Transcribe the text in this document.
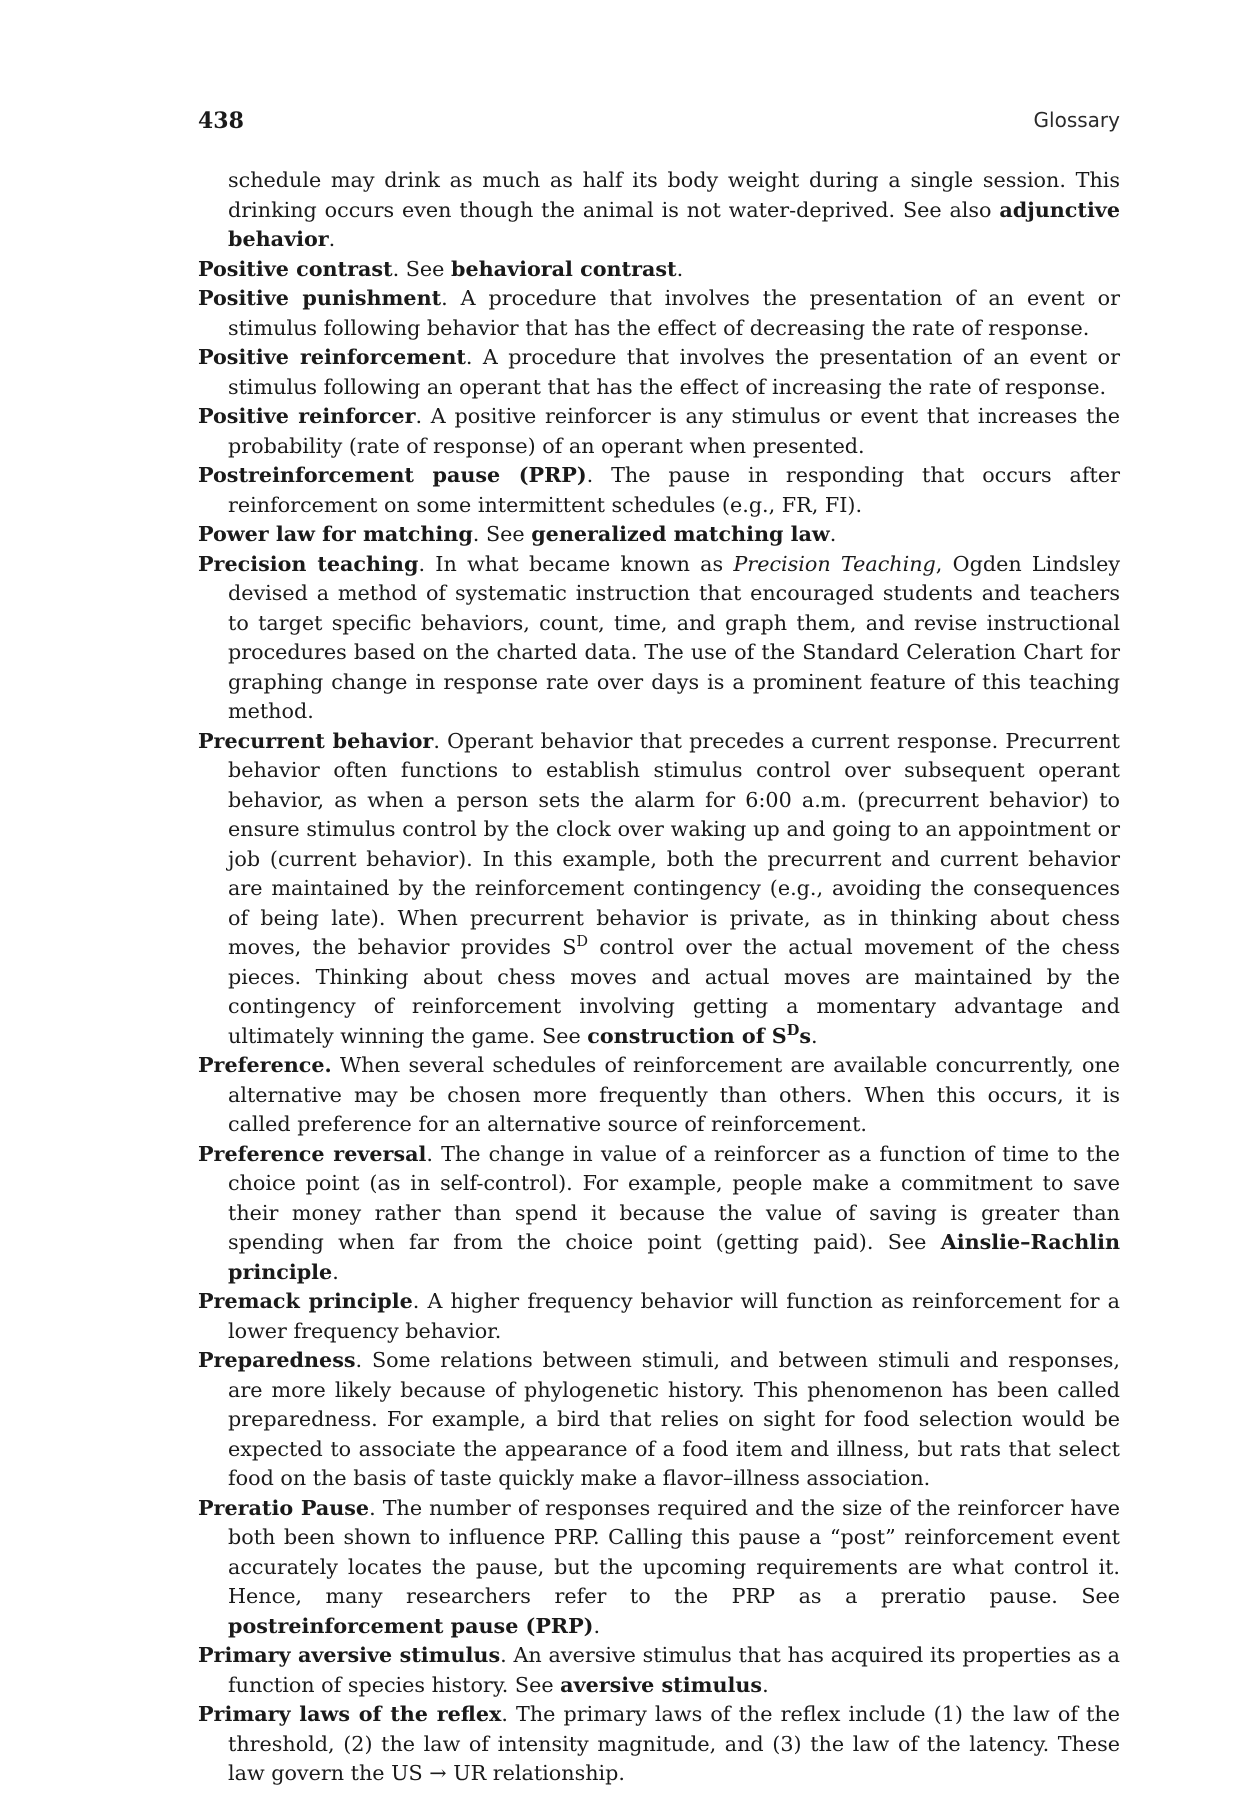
438	Glossary

schedule may drink as much as half its body weight during a single session. This drinking occurs even though the animal is not water-deprived. See also adjunctive behavior.

Positive contrast. See behavioral contrast.

Positive punishment. A procedure that involves the presentation of an event or stimulus following behavior that has the effect of decreasing the rate of response.

Positive reinforcement. A procedure that involves the presentation of an event or stimulus following an operant that has the effect of increasing the rate of response.

Positive reinforcer. A positive reinforcer is any stimulus or event that increases the probability (rate of response) of an operant when presented.

Postreinforcement pause (PRP). The pause in responding that occurs after reinforcement on some intermittent schedules (e.g., FR, FI).

Power law for matching. See generalized matching law.

Precision teaching. In what became known as Precision Teaching, Ogden Lindsley devised a method of systematic instruction that encouraged students and teachers to target specific behaviors, count, time, and graph them, and revise instructional procedures based on the charted data. The use of the Standard Celeration Chart for graphing change in response rate over days is a prominent feature of this teaching method.

Precurrent behavior. Operant behavior that precedes a current response. Precurrent behavior often functions to establish stimulus control over subsequent operant behavior, as when a person sets the alarm for 6:00 a.m. (precurrent behavior) to ensure stimulus control by the clock over waking up and going to an appointment or job (current behavior). In this example, both the precurrent and current behavior are maintained by the reinforcement contingency (e.g., avoiding the consequences of being late). When precurrent behavior is private, as in thinking about chess moves, the behavior provides $S^D$ control over the actual movement of the chess pieces. Thinking about chess moves and actual moves are maintained by the contingency of reinforcement involving getting a momentary advantage and ultimately winning the game. See construction of $S^Ds$.

Preference. When several schedules of reinforcement are available concurrently, one alternative may be chosen more frequently than others. When this occurs, it is called preference for an alternative source of reinforcement.

Preference reversal. The change in value of a reinforcer as a function of time to the choice point (as in self-control). For example, people make a commitment to save their money rather than spend it because the value of saving is greater than spending when far from the choice point (getting paid). See Ainslie–Rachlin principle.

Premack principle. A higher frequency behavior will function as reinforcement for a lower frequency behavior.

Preparedness. Some relations between stimuli, and between stimuli and responses, are more likely because of phylogenetic history. This phenomenon has been called preparedness. For example, a bird that relies on sight for food selection would be expected to associate the appearance of a food item and illness, but rats that select food on the basis of taste quickly make a flavor–illness association.

Preratio Pause. The number of responses required and the size of the reinforcer have both been shown to influence PRP. Calling this pause a “post” reinforcement event accurately locates the pause, but the upcoming requirements are what control it. Hence, many researchers refer to the PRP as a preratio pause. See postreinforcement pause (PRP).

Primary aversive stimulus. An aversive stimulus that has acquired its properties as a function of species history. See aversive stimulus.

Primary laws of the reflex. The primary laws of the reflex include (1) the law of the threshold, (2) the law of intensity magnitude, and (3) the law of the latency. These law govern the US → UR relationship.
